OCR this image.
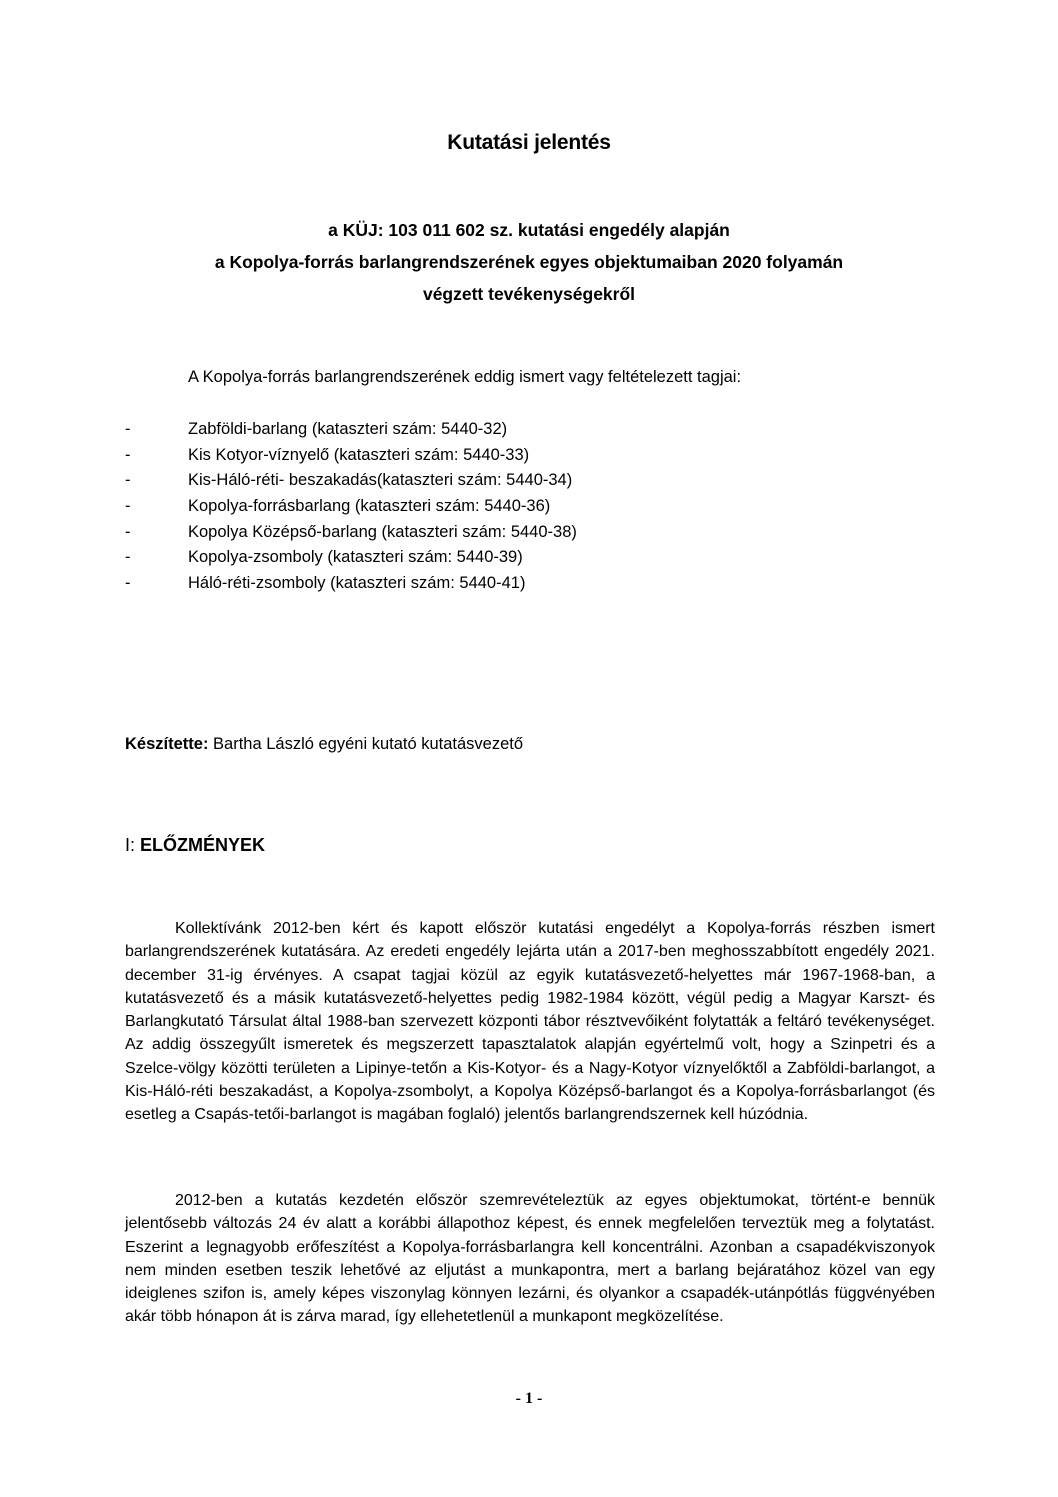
Kutatási jelentés
a KÜJ: 103 011 602 sz. kutatási engedély alapján
a Kopolya-forrás barlangrendszerének egyes objektumaiban 2020 folyamán
végzett tevékenységekről
A Kopolya-forrás barlangrendszerének eddig ismert vagy feltételezett tagjai:
-	Zabföldi-barlang (kataszteri szám: 5440-32)
-	Kis Kotyor-víznyelő (kataszteri szám: 5440-33)
-	Kis-Háló-réti- beszakadás(kataszteri szám: 5440-34)
-	Kopolya-forrásbarlang (kataszteri szám: 5440-36)
-	Kopolya Középső-barlang (kataszteri szám: 5440-38)
-	Kopolya-zsomboly (kataszteri szám: 5440-39)
-	Háló-réti-zsomboly (kataszteri szám: 5440-41)
Készítette: Bartha László egyéni kutató kutatásvezető
I: ELŐZMÉNYEK

Kollektívánk 2012-ben kért és kapott először kutatási engedélyt a Kopolya-forrás részben ismert barlangrendszerének kutatására. Az eredeti engedély lejárta után a 2017-ben meghosszabbított engedély 2021. december 31-ig érvényes. A csapat tagjai közül az egyik kutatásvezető-helyettes már 1967-1968-ban, a kutatásvezető és a másik kutatásvezető-helyettes pedig 1982-1984 között, végül pedig a Magyar Karszt- és Barlangkutató Társulat által 1988-ban szervezett központi tábor résztvevőiként folytatták a feltáró tevékenységet. Az addig összegyűlt ismeretek és megszerzett tapasztalatok alapján egyértelmű volt, hogy a Szinpetri és a Szelce-völgy közötti területen a Lipinye-tetőn a Kis-Kotyor- és a Nagy-Kotyor víznyelőktől a Zabföldi-barlangot, a Kis-Háló-réti beszakadást, a Kopolya-zsombolyt, a Kopolya Középső-barlangot és a Kopolya-forrásbarlangot (és esetleg a Csapás-tetői-barlangot is magában foglaló) jelentős barlangrendszernek kell húzódnia.

2012-ben a kutatás kezdetén először szemrevételeztük az egyes objektumokat, történt-e bennük jelentősebb változás 24 év alatt a korábbi állapothoz képest, és ennek megfelelően terveztük meg a folytatást. Eszerint a legnagyobb erőfeszítést a Kopolya-forrásbarlangra kell koncentrálni. Azonban a csapadékviszonyok nem minden esetben teszik lehetővé az eljutást a munkapontra, mert a barlang bejáratához közel van egy ideiglenes szifon is, amely képes viszonylag könnyen lezárni, és olyankor a csapadék-utánpótlás függvényében akár több hónapon át is zárva marad, így ellehetetlenül a munkapont megközelítése.

- 1 -
